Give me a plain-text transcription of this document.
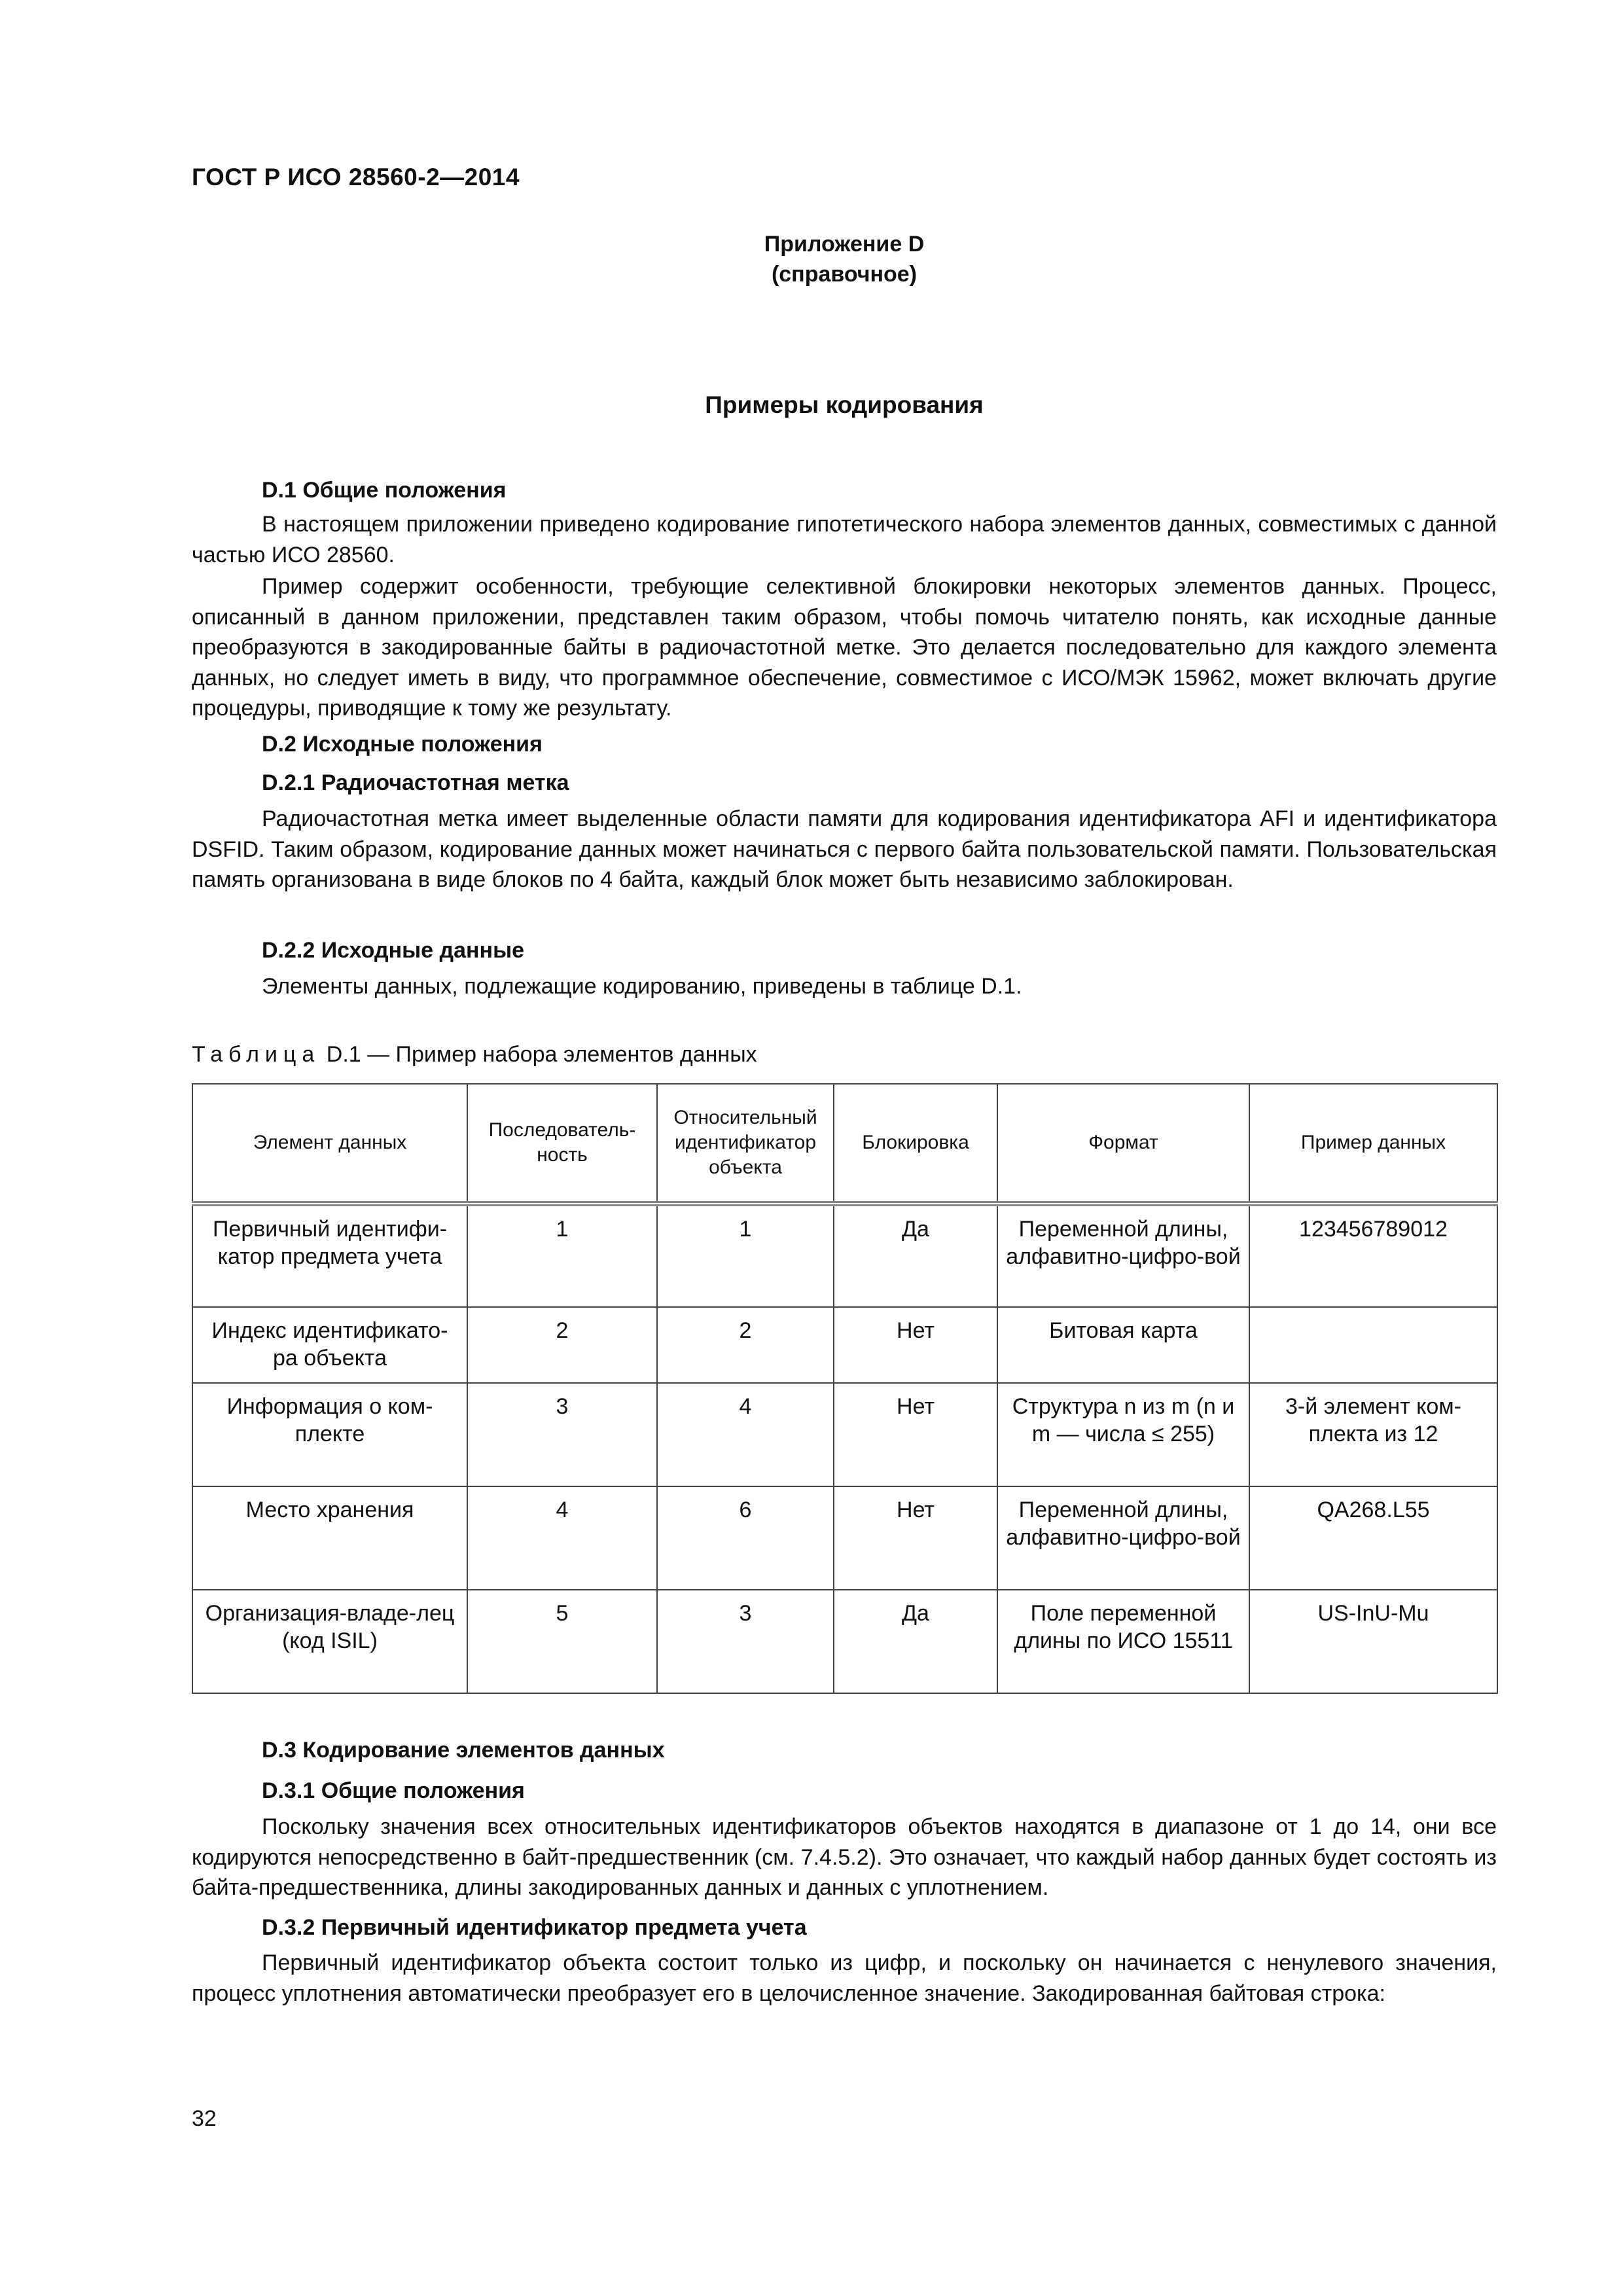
ГОСТ Р ИСО 28560-2—2014
Приложение D
(справочное)
Примеры кодирования
D.1 Общие положения
В настоящем приложении приведено кодирование гипотетического набора элементов данных, совместимых с данной частью ИСО 28560.
Пример содержит особенности, требующие селективной блокировки некоторых элементов данных. Процесс, описанный в данном приложении, представлен таким образом, чтобы помочь читателю понять, как исходные данные преобразуются в закодированные байты в радиочастотной метке. Это делается последовательно для каждого элемента данных, но следует иметь в виду, что программное обеспечение, совместимое с ИСО/МЭК 15962, может включать другие процедуры, приводящие к тому же результату.
D.2 Исходные положения
D.2.1 Радиочастотная метка
Радиочастотная метка имеет выделенные области памяти для кодирования идентификатора AFI и идентификатора DSFID. Таким образом, кодирование данных может начинаться с первого байта пользовательской памяти. Пользовательская память организована в виде блоков по 4 байта, каждый блок может быть независимо заблокирован.
D.2.2 Исходные данные
Элементы данных, подлежащие кодированию, приведены в таблице D.1.
Таблица D.1 — Пример набора элементов данных
Элемент данных	Последователь-ность	Относительный идентификатор объекта	Блокировка	Формат	Пример данных
Первичный идентифи-катор предмета учета	1	1	Да	Переменной длины, алфавитно-цифро-вой	123456789012
Индекс идентификато-ра объекта	2	2	Нет	Битовая карта	
Информация о ком-плекте	3	4	Нет	Структура n из m (n и m — числа ≤ 255)	3-й элемент ком-плекта из 12
Место хранения	4	6	Нет	Переменной длины, алфавитно-цифро-вой	QA268.L55
Организация-владе-лец (код ISIL)	5	3	Да	Поле переменной длины по ИСО 15511	US-InU-Mu
D.3 Кодирование элементов данных
D.3.1 Общие положения
Поскольку значения всех относительных идентификаторов объектов находятся в диапазоне от 1 до 14, они все кодируются непосредственно в байт-предшественник (см. 7.4.5.2). Это означает, что каждый набор данных будет состоять из байта-предшественника, длины закодированных данных и данных с уплотнением.
D.3.2 Первичный идентификатор предмета учета
Первичный идентификатор объекта состоит только из цифр, и поскольку он начинается с ненулевого значения, процесс уплотнения автоматически преобразует его в целочисленное значение. Закодированная байтовая строка:
32
